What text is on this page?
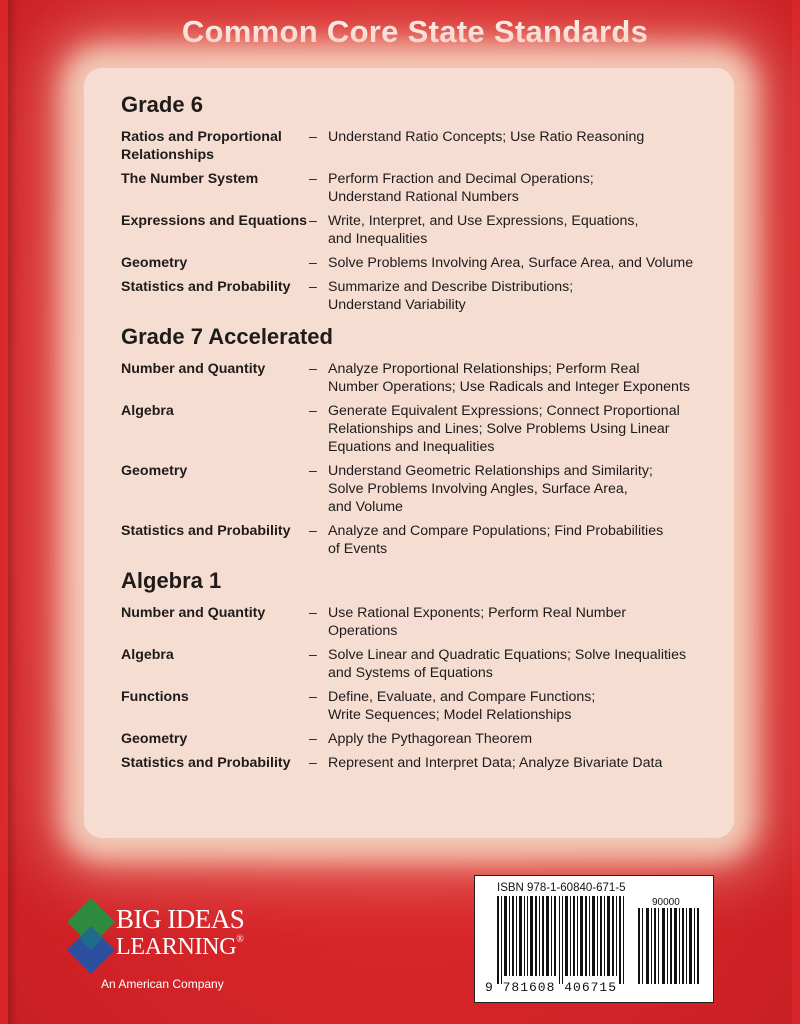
Common Core State Standards
Grade 6
Ratios and Proportional Relationships
– Understand Ratio Concepts; Use Ratio Reasoning
The Number System	– Perform Fraction and Decimal Operations;
Understand Rational Numbers
Expressions and Equations – Write, Interpret, and Use Expressions, Equations,
and Inequalities
Geometry	– Solve Problems Involving Area, Surface Area, and Volume
Statistics and Probability	– Summarize and Describe Distributions;
Understand Variability
Grade 7 Accelerated
Number and Quantity	– Analyze Proportional Relationships; Perform Real
Number Operations; Use Radicals and Integer Exponents
Algebra	– Generate Equivalent Expressions; Connect Proportional
Relationships and Lines; Solve Problems Using Linear
Equations and Inequalities
Geometry	– Understand Geometric Relationships and Similarity;
Solve Problems Involving Angles, Surface Area,
and Volume
Statistics and Probability	– Analyze and Compare Populations; Find Probabilities
of Events
Algebra 1
Number and Quantity	– Use Rational Exponents; Perform Real Number
Operations
Algebra	– Solve Linear and Quadratic Equations; Solve Inequalities
and Systems of Equations
Functions	– Define, Evaluate, and Compare Functions;
Write Sequences; Model Relationships
Geometry	– Apply the Pythagorean Theorem
Statistics and Probability	– Represent and Interpret Data; Analyze Bivariate Data
BIG IDEAS
LEARNING®
An American Company
ISBN 978-1-60840-671-5
90000
9 781608 406715
